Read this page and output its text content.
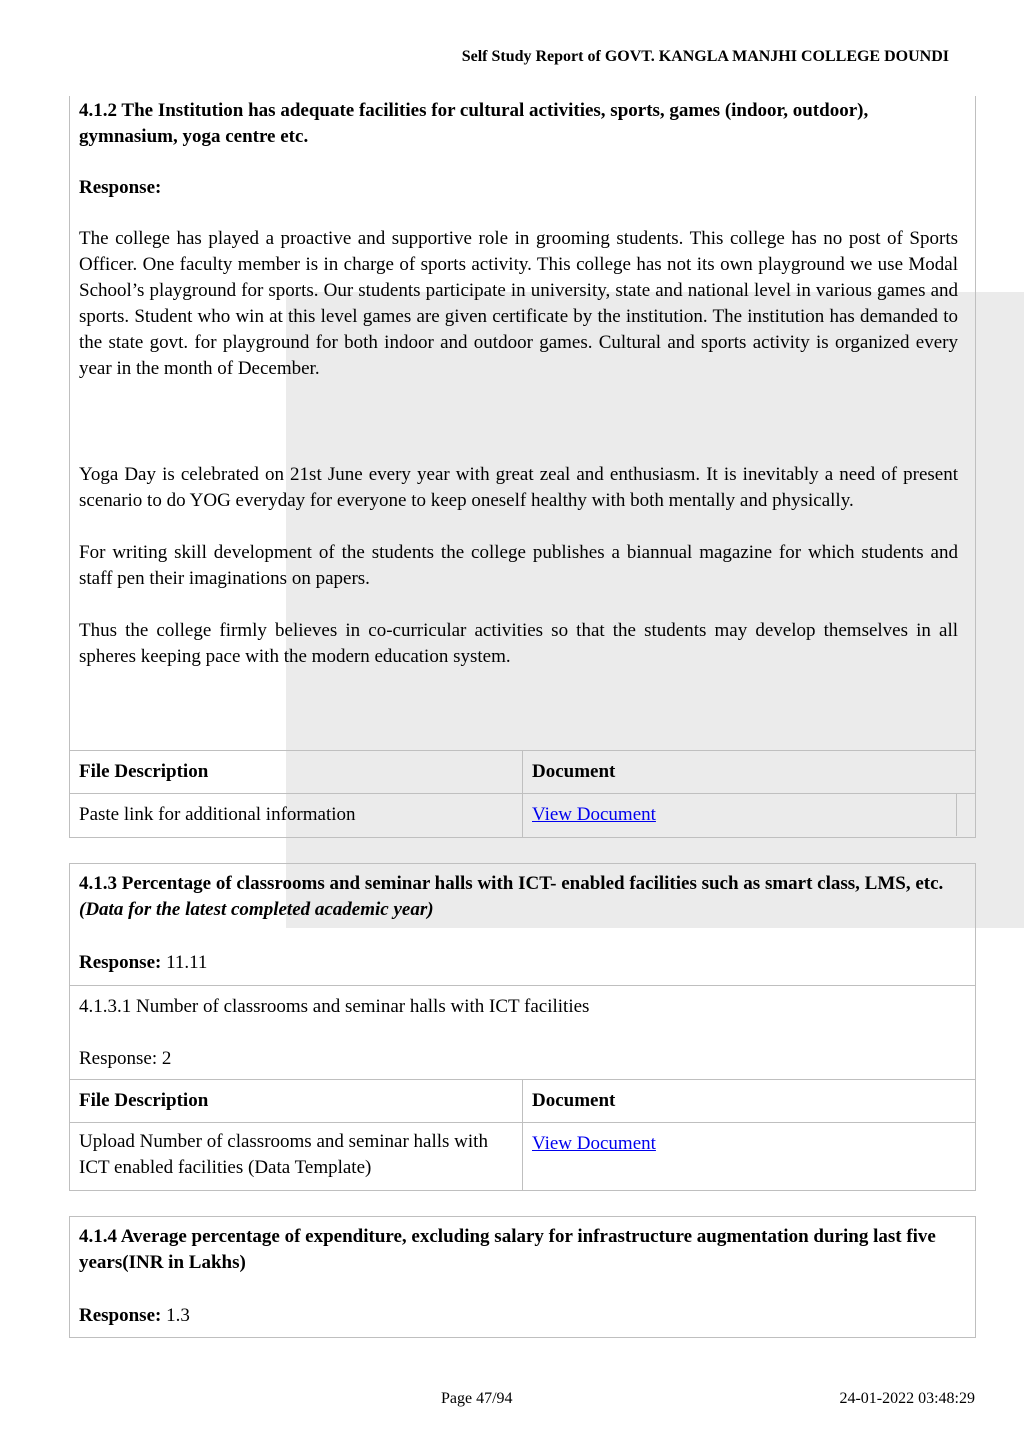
Self Study Report of GOVT. KANGLA MANJHI COLLEGE DOUNDI
4.1.2 The Institution has adequate facilities for cultural activities, sports, games (indoor, outdoor), gymnasium, yoga centre etc.

Response:

The college has played a proactive and supportive role in grooming students. This college has no post of Sports Officer. One faculty member is in charge of sports activity. This college has not its own playground we use Modal School’s playground for sports. Our students participate in university, state and national level in various games and sports. Student who win at this level games are given certificate by the institution. The institution has demanded to the state govt. for playground for both indoor and outdoor games. Cultural and sports activity is organized every year in the month of December.

Yoga Day is celebrated on 21st June every year with great zeal and enthusiasm. It is inevitably a need of present scenario to do YOG everyday for everyone to keep oneself healthy with both mentally and physically.

For writing skill development of the students the college publishes a biannual magazine for which students and staff pen their imaginations on papers.

Thus the college firmly believes in co-curricular activities so that the students may develop themselves in all spheres keeping pace with the modern education system.

File Description	Document
Paste link for additional information	View Document
4.1.3 Percentage of classrooms and seminar halls with ICT- enabled facilities such as smart class, LMS, etc. (Data for the latest completed academic year)

Response: 11.11

4.1.3.1 Number of classrooms and seminar halls with ICT facilities
Response: 2	

File Description	Document
Upload Number of classrooms and seminar halls with ICT enabled facilities (Data Template)	View Document
4.1.4 Average percentage of expenditure, excluding salary for infrastructure augmentation during last five years(INR in Lakhs)

Response: 1.3

Page 47/94	24-01-2022 03:48:29
